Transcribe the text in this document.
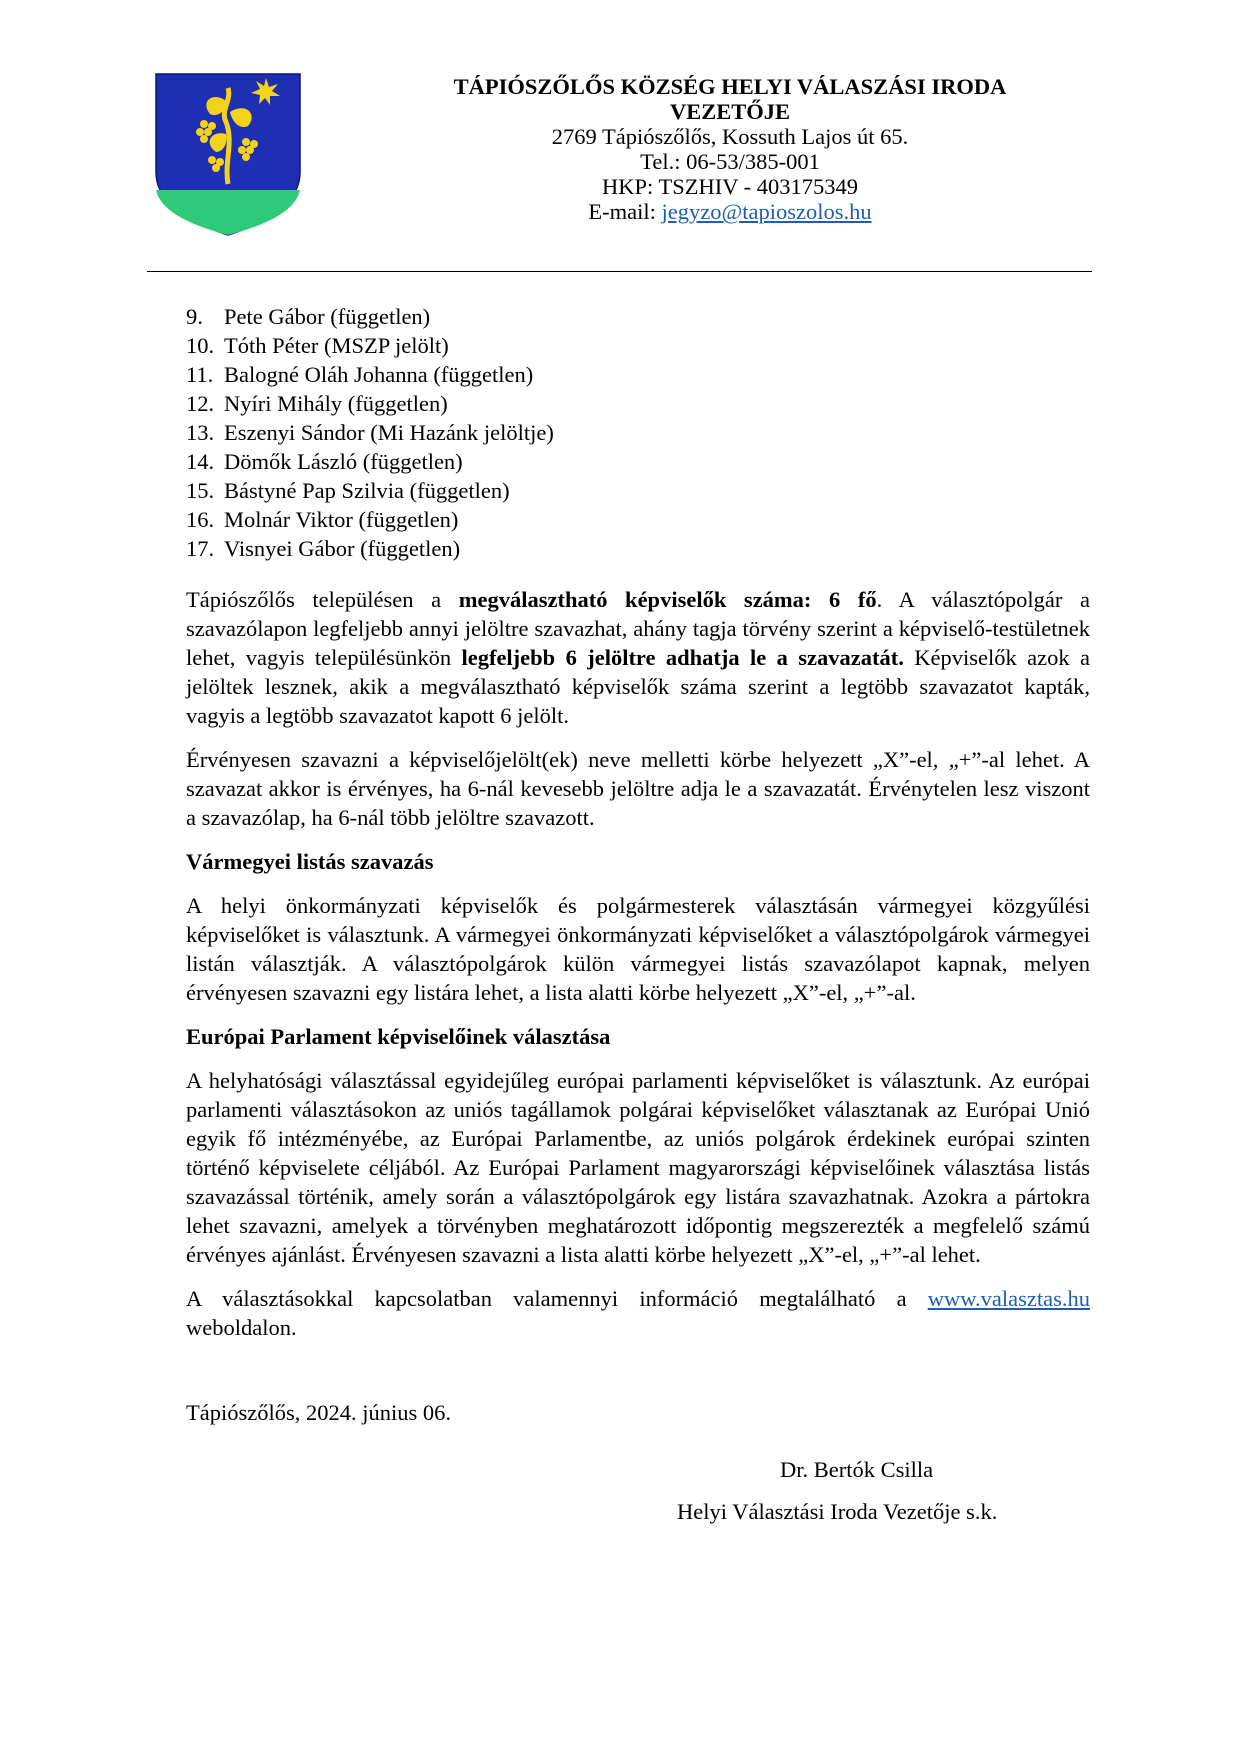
TÁPIÓSZŐLŐS KÖZSÉG HELYI VÁLASZÁSI IRODA

VEZETŐJE

2769 Tápiószőlős, Kossuth Lajos út 65.

Tel.: 06-53/385-001

HKP: TSZHIV - 403175349

E-mail: jegyzo@tapioszolos.hu

9. Pete Gábor (független)
10. Tóth Péter (MSZP jelölt)
11. Balogné Oláh Johanna (független)
12. Nyíri Mihály (független)
13. Eszenyi Sándor (Mi Hazánk jelöltje)
14. Dömők László (független)
15. Bástyné Pap Szilvia (független)
16. Molnár Viktor (független)
17. Visnyei Gábor (független)

Tápiószőlős településen a megválasztható képviselők száma: 6 fő. A választópolgár a szavazólapon legfeljebb annyi jelöltre szavazhat, ahány tagja törvény szerint a képviselő-testületnek lehet, vagyis településünkön legfeljebb 6 jelöltre adhatja le a szavazatát. Képviselők azok a jelöltek lesznek, akik a megválasztható képviselők száma szerint a legtöbb szavazatot kapták, vagyis a legtöbb szavazatot kapott 6 jelölt.

Érvényesen szavazni a képviselőjelölt(ek) neve melletti körbe helyezett „X”-el, „+”-al lehet. A szavazat akkor is érvényes, ha 6-nál kevesebb jelöltre adja le a szavazatát. Érvénytelen lesz viszont a szavazólap, ha 6-nál több jelöltre szavazott.

Vármegyei listás szavazás

A helyi önkormányzati képviselők és polgármesterek választásán vármegyei közgyűlési képviselőket is választunk. A vármegyei önkormányzati képviselőket a választópolgárok vármegyei listán választják. A választópolgárok külön vármegyei listás szavazólapot kapnak, melyen érvényesen szavazni egy listára lehet, a lista alatti körbe helyezett „X”-el, „+”-al.

Európai Parlament képviselőinek választása

A helyhatósági választással egyidejűleg európai parlamenti képviselőket is választunk. Az európai parlamenti választásokon az uniós tagállamok polgárai képviselőket választanak az Európai Unió egyik fő intézményébe, az Európai Parlamentbe, az uniós polgárok érdekinek európai szinten történő képviselete céljából. Az Európai Parlament magyarországi képviselőinek választása listás szavazással történik, amely során a választópolgárok egy listára szavazhatnak. Azokra a pártokra lehet szavazni, amelyek a törvényben meghatározott időpontig megszerezték a megfelelő számú érvényes ajánlást. Érvényesen szavazni a lista alatti körbe helyezett „X”-el, „+”-al lehet.

A választásokkal kapcsolatban valamennyi információ megtalálható a www.valasztas.hu weboldalon.

Tápiószőlős, 2024. június 06.
Dr. Bertók Csilla
Helyi Választási Iroda Vezetője s.k.
